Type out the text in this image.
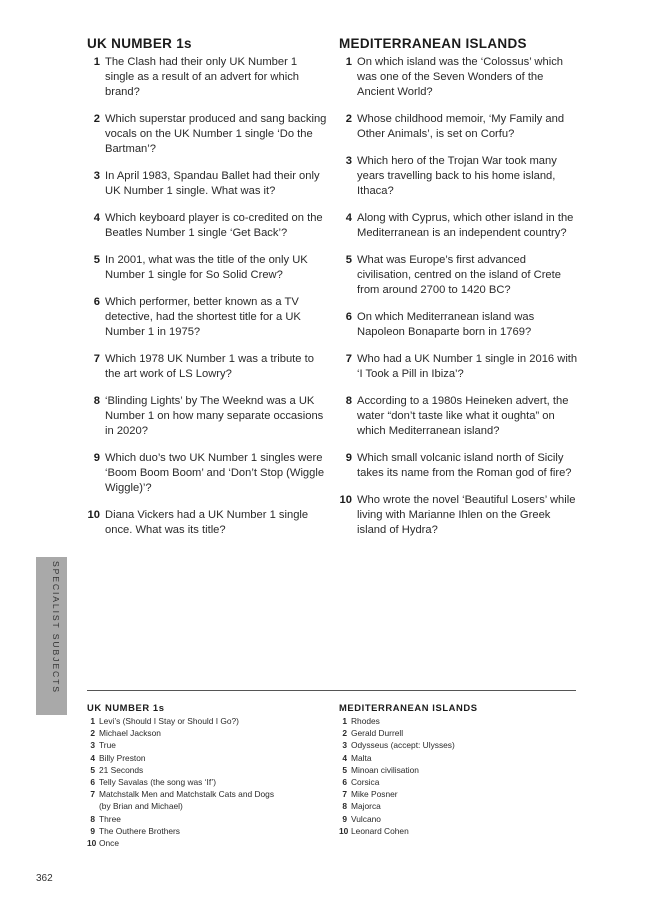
UK NUMBER 1s
1 The Clash had their only UK Number 1 single as a result of an advert for which brand?
2 Which superstar produced and sang backing vocals on the UK Number 1 single ‘Do the Bartman’?
3 In April 1983, Spandau Ballet had their only UK Number 1 single. What was it?
4 Which keyboard player is co-credited on the Beatles Number 1 single ‘Get Back’?
5 In 2001, what was the title of the only UK Number 1 single for So Solid Crew?
6 Which performer, better known as a TV detective, had the shortest title for a UK Number 1 in 1975?
7 Which 1978 UK Number 1 was a tribute to the art work of LS Lowry?
8 ‘Blinding Lights’ by The Weeknd was a UK Number 1 on how many separate occasions in 2020?
9 Which duo’s two UK Number 1 singles were ‘Boom Boom Boom’ and ‘Don’t Stop (Wiggle Wiggle)’?
10 Diana Vickers had a UK Number 1 single once. What was its title?
MEDITERRANEAN ISLANDS
1 On which island was the ‘Colossus’ which was one of the Seven Wonders of the Ancient World?
2 Whose childhood memoir, ‘My Family and Other Animals’, is set on Corfu?
3 Which hero of the Trojan War took many years travelling back to his home island, Ithaca?
4 Along with Cyprus, which other island in the Mediterranean is an independent country?
5 What was Europe’s first advanced civilisation, centred on the island of Crete from around 2700 to 1420 BC?
6 On which Mediterranean island was Napoleon Bonaparte born in 1769?
7 Who had a UK Number 1 single in 2016 with ‘I Took a Pill in Ibiza’?
8 According to a 1980s Heineken advert, the water “don’t taste like what it oughta” on which Mediterranean island?
9 Which small volcanic island north of Sicily takes its name from the Roman god of fire?
10 Who wrote the novel ‘Beautiful Losers’ while living with Marianne Ihlen on the Greek island of Hydra?
SPECIALIST SUBJECTS
UK NUMBER 1s
1 Levi’s (Should I Stay or Should I Go?)
2 Michael Jackson
3 True
4 Billy Preston
5 21 Seconds
6 Telly Savalas (the song was ‘If’)
7 Matchstalk Men and Matchstalk Cats and Dogs
(by Brian and Michael)
8 Three
9 The Outhere Brothers
10 Once
MEDITERRANEAN ISLANDS
1 Rhodes
2 Gerald Durrell
3 Odysseus (accept: Ulysses)
4 Malta
5 Minoan civilisation
6 Corsica
7 Mike Posner
8 Majorca
9 Vulcano
10 Leonard Cohen
362
